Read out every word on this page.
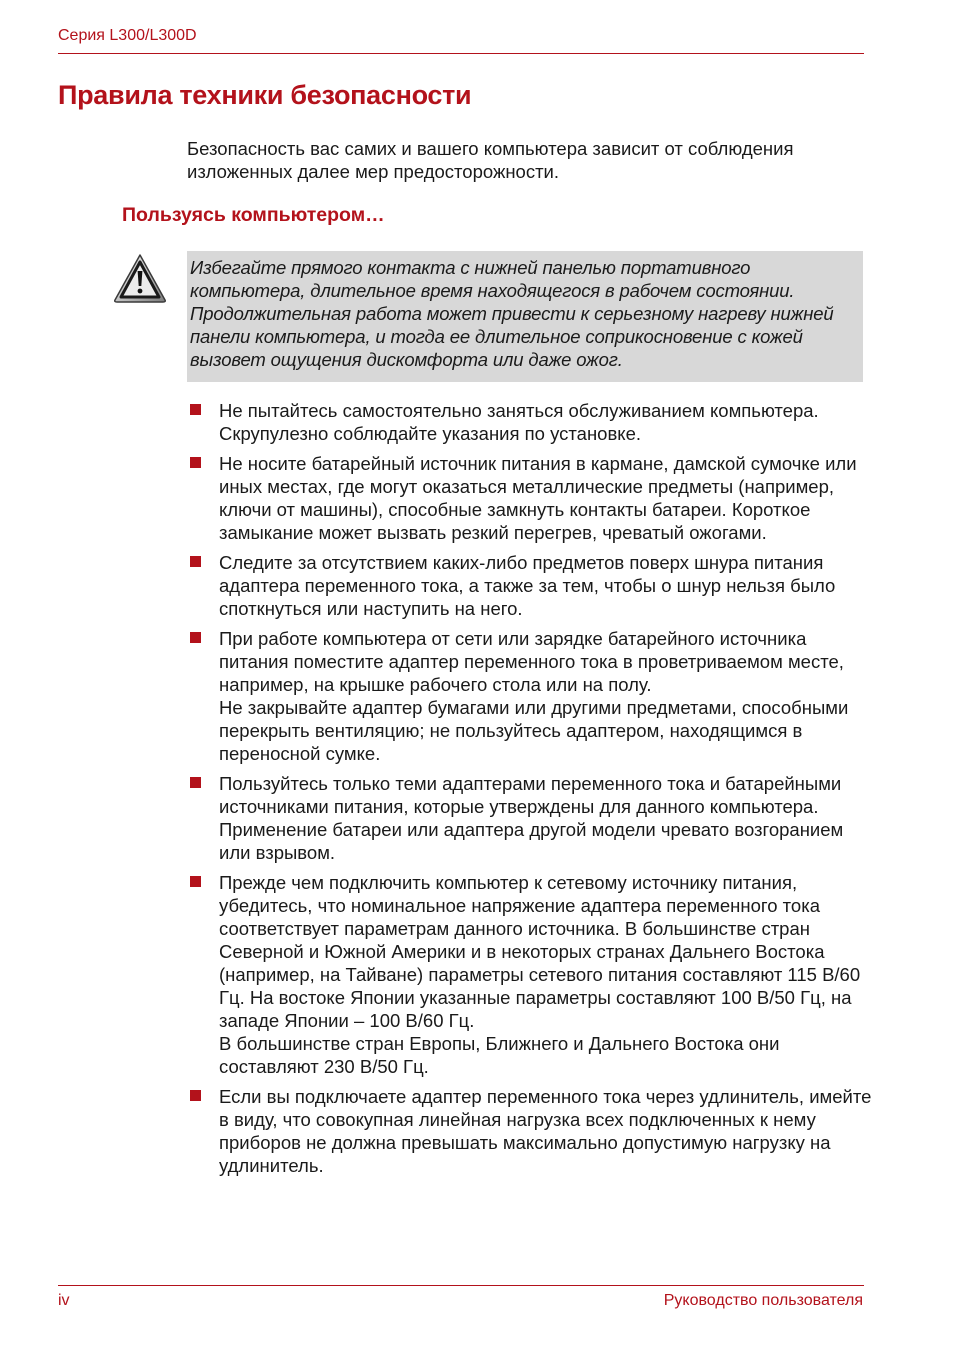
Серия L300/L300D
Правила техники безопасности

Безопасность вас самих и вашего компьютера зависит от соблюдения изложенных далее мер предосторожности.

Пользуясь компьютером…

Избегайте прямого контакта с нижней панелью портативного компьютера, длительное время находящегося в рабочем состоянии. Продолжительная работа может привести к серьезному нагреву нижней панели компьютера, и тогда ее длительное соприкосновение с кожей вызовет ощущения дискомфорта или даже ожог.

Не пытайтесь самостоятельно заняться обслуживанием компьютера. Скрупулезно соблюдайте указания по установке.

Не носите батарейный источник питания в кармане, дамской сумочке или иных местах, где могут оказаться металлические предметы (например, ключи от машины), способные замкнуть контакты батареи. Короткое замыкание может вызвать резкий перегрев, чреватый ожогами.

Следите за отсутствием каких-либо предметов поверх шнура питания адаптера переменного тока, а также за тем, чтобы о шнур нельзя было споткнуться или наступить на него.

При работе компьютера от сети или зарядке батарейного источника питания поместите адаптер переменного тока в проветриваемом месте, например, на крышке рабочего стола или на полу.

Не закрывайте адаптер бумагами или другими предметами, способными перекрыть вентиляцию; не пользуйтесь адаптером, находящимся в переносной сумке.

Пользуйтесь только теми адаптерами переменного тока и батарейными источниками питания, которые утверждены для данного компьютера. Применение батареи или адаптера другой модели чревато возгоранием или взрывом.

Прежде чем подключить компьютер к сетевому источнику питания, убедитесь, что номинальное напряжение адаптера переменного тока соответствует параметрам данного источника. В большинстве стран Северной и Южной Америки и в некоторых странах Дальнего Востока (например, на Тайване) параметры сетевого питания составляют 115 В/60 Гц. На востоке Японии указанные параметры составляют 100 В/50 Гц, на западе Японии – 100 В/60 Гц.

В большинстве стран Европы, Ближнего и Дальнего Востока они составляют 230 В/50 Гц.

Если вы подключаете адаптер переменного тока через удлинитель, имейте в виду, что совокупная линейная нагрузка всех подключенных к нему приборов не должна превышать максимально допустимую нагрузку на удлинитель.

iv	Руководство пользователя
